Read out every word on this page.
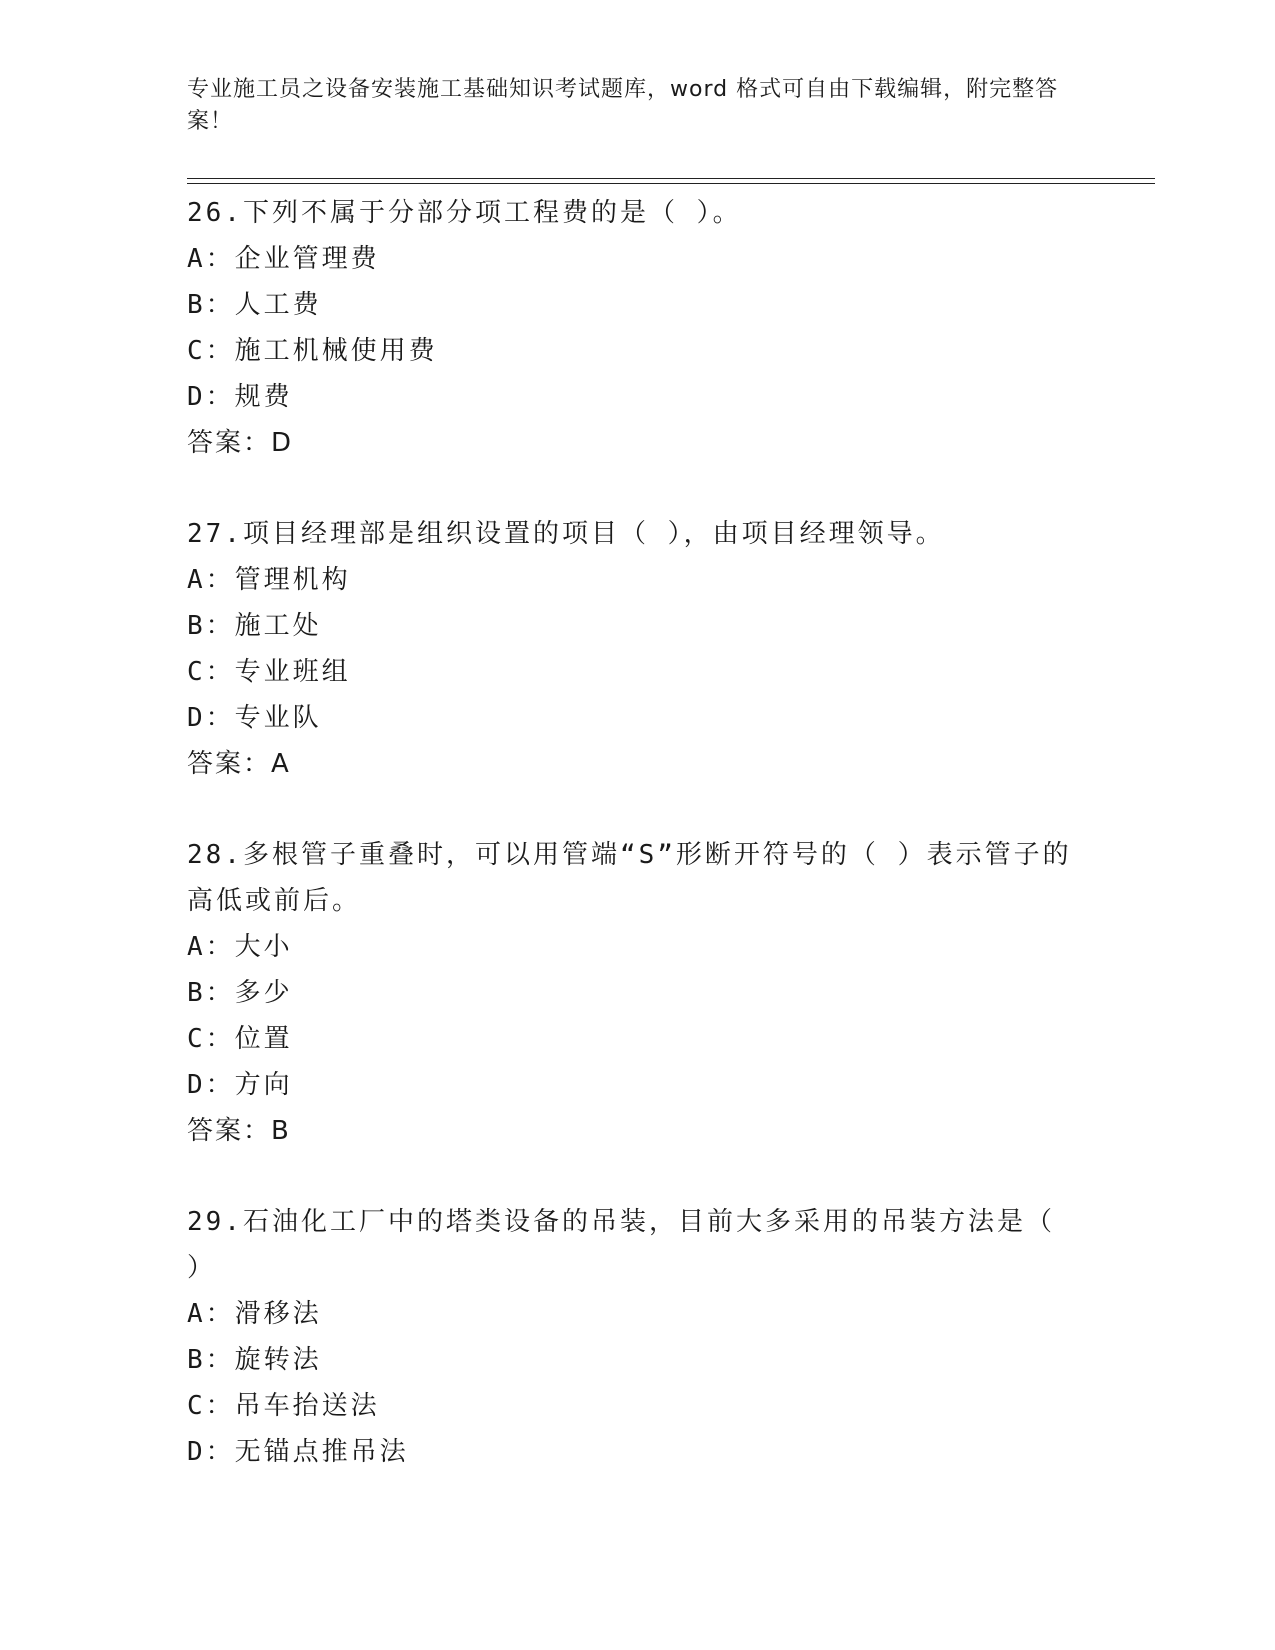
专业施工员之设备安装施工基础知识考试题库，word 格式可自由下载编辑，附完整答案！

26.下列不属于分部分项工程费的是（ ）。

A：企业管理费

B：人工费

C：施工机械使用费

D：规费

答案：D

27.项目经理部是组织设置的项目（ ），由项目经理领导。

A：管理机构

B：施工处

C：专业班组

D：专业队

答案：A

28.多根管子重叠时，可以用管端“S”形断开符号的（ ）表示管子的高低或前后。

A：大小

B：多少

C：位置

D：方向

答案：B

29.石油化工厂中的塔类设备的吊装，目前大多采用的吊装方法是（ ）

A：滑移法

B：旋转法

C：吊车抬送法

D：无锚点推吊法
